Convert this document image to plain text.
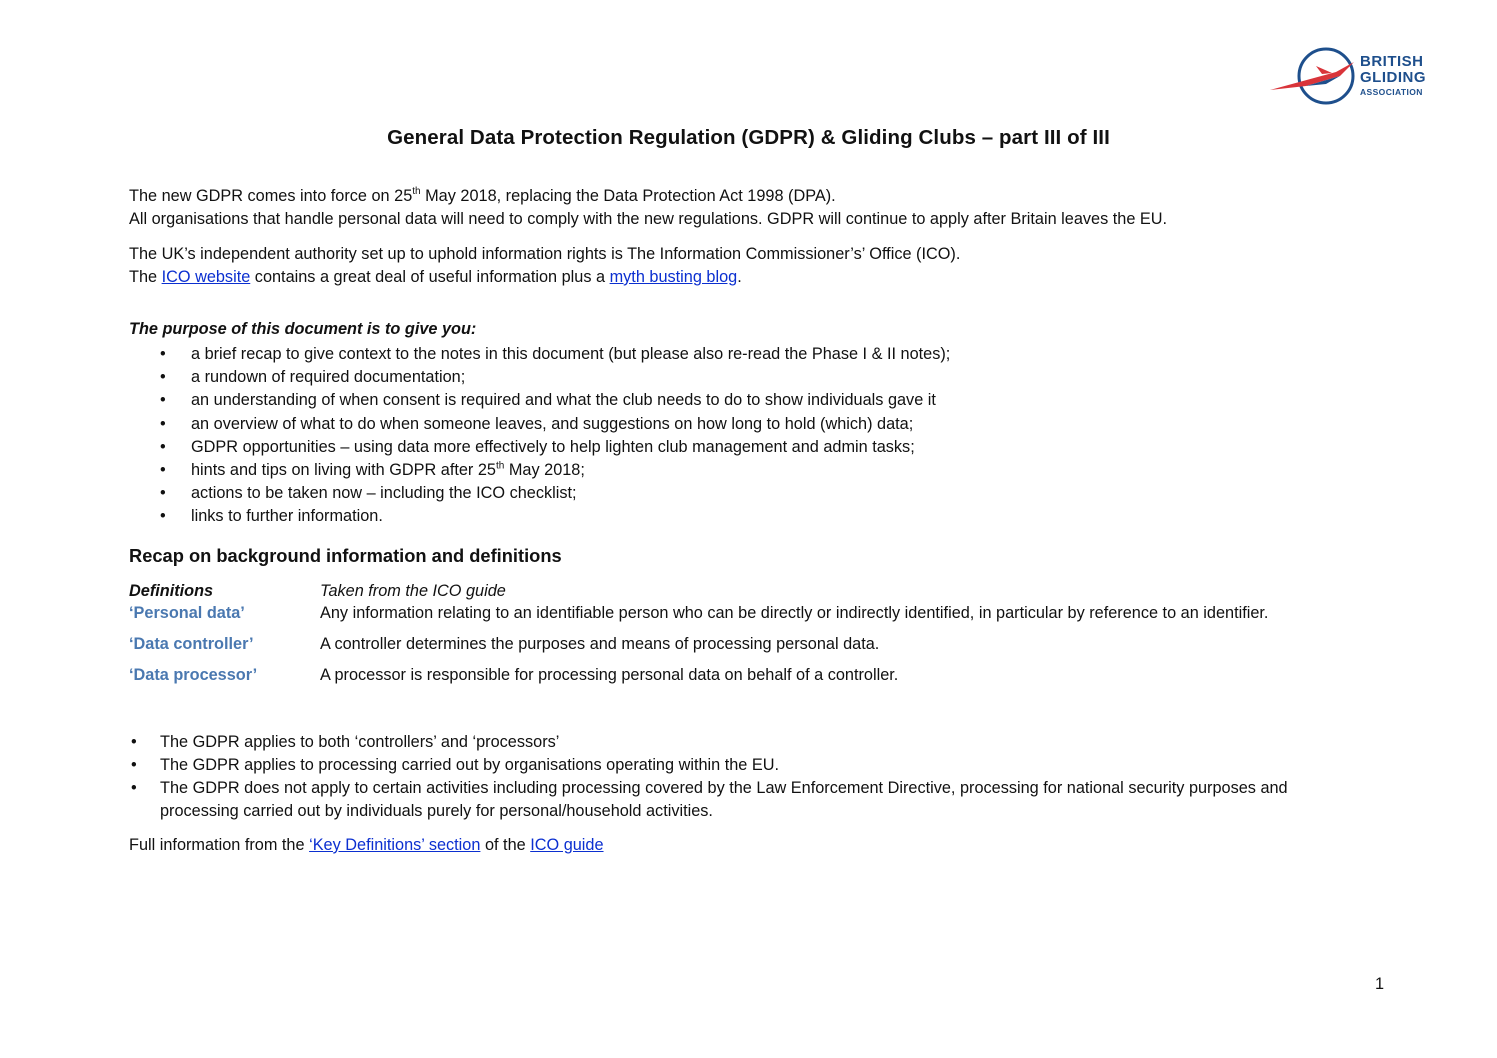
BRITISH
GLIDING
ASSOCIATION
General Data Protection Regulation (GDPR) & Gliding Clubs – part III of III
The new GDPR comes into force on 25th May 2018, replacing the Data Protection Act 1998 (DPA).
All organisations that handle personal data will need to comply with the new regulations. GDPR will continue to apply after Britain leaves the EU.
The UK’s independent authority set up to uphold information rights is The Information Commissioner’s’ Office (ICO).
The ICO website contains a great deal of useful information plus a myth busting blog.
The purpose of this document is to give you:
• a brief recap to give context to the notes in this document (but please also re-read the Phase I & II notes);
• a rundown of required documentation;
• an understanding of when consent is required and what the club needs to do to show individuals gave it
• an overview of what to do when someone leaves, and suggestions on how long to hold (which) data;
• GDPR opportunities – using data more effectively to help lighten club management and admin tasks;
• hints and tips on living with GDPR after 25th May 2018;
• actions to be taken now – including the ICO checklist;
• links to further information.
Recap on background information and definitions
Definitions	Taken from the ICO guide
‘Personal data’	Any information relating to an identifiable person who can be directly or indirectly identified, in particular by reference to an identifier.
‘Data controller’	A controller determines the purposes and means of processing personal data.
‘Data processor’	A processor is responsible for processing personal data on behalf of a controller.
• The GDPR applies to both ‘controllers’ and ‘processors’
• The GDPR applies to processing carried out by organisations operating within the EU.
• The GDPR does not apply to certain activities including processing covered by the Law Enforcement Directive, processing for national security purposes and processing carried out by individuals purely for personal/household activities.
Full information from the ‘Key Definitions’ section of the ICO guide
1
